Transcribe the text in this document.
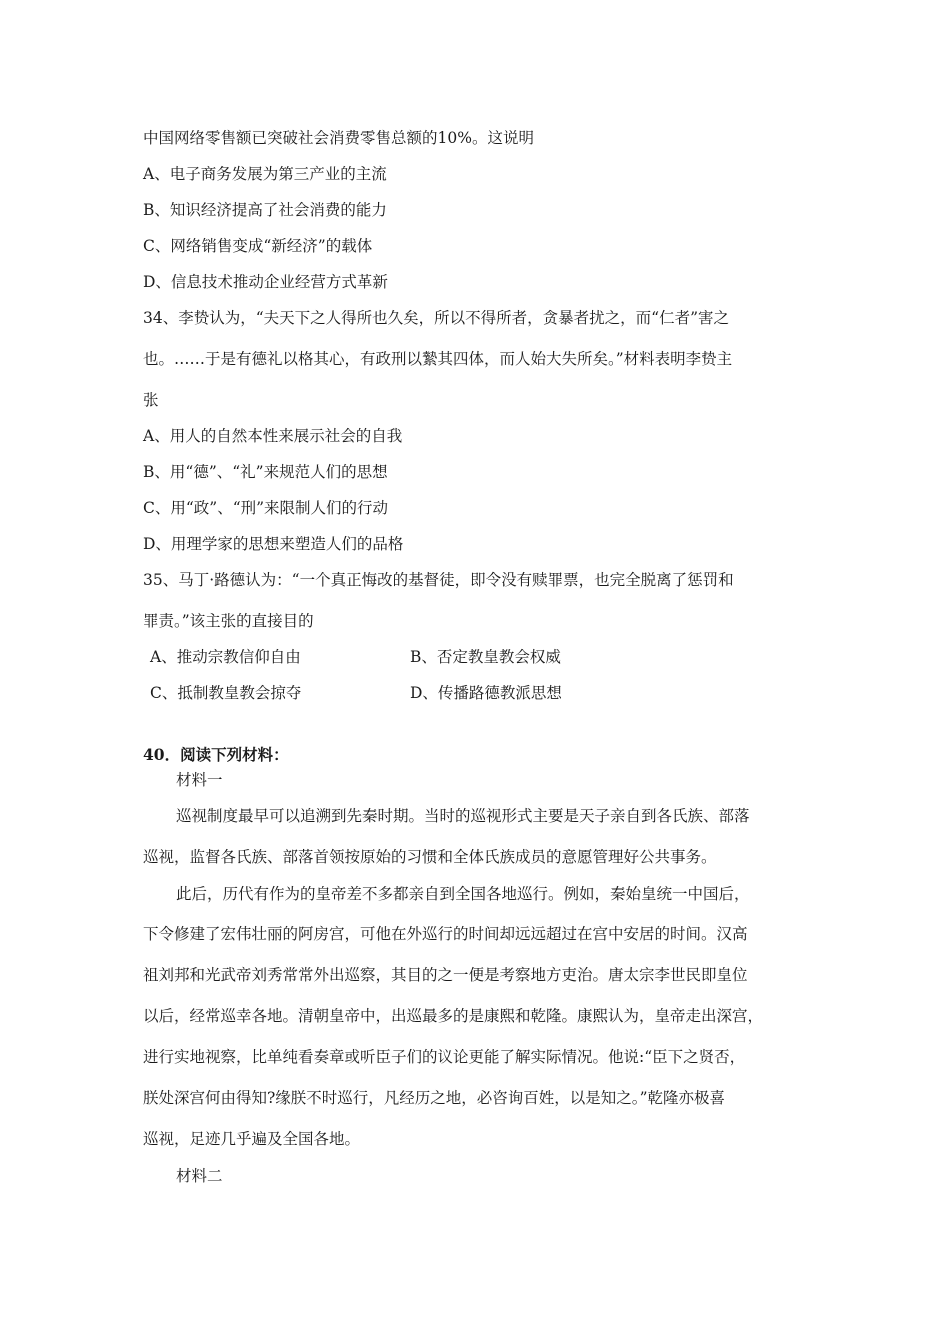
中国网络零售额已突破社会消费零售总额的10%。这说明
A、电子商务发展为第三产业的主流
B、知识经济提高了社会消费的能力
C、网络销售变成“新经济”的载体
D、信息技术推动企业经营方式革新
34、李贽认为，“夫天下之人得所也久矣，所以不得所者，贪暴者扰之，而“仁者”害之
也。……于是有德礼以格其心，有政刑以縶其四体，而人始大失所矣。”材料表明李贽主
张
A、用人的自然本性来展示社会的自我
B、用“德”、“礼”来规范人们的思想
C、用“政”、“刑”来限制人们的行动
D、用理学家的思想来塑造人们的品格
35、马丁·路德认为：“一个真正悔改的基督徒，即令没有赎罪票，也完全脱离了惩罚和
罪责。”该主张的直接目的
A、推动宗教信仰自由	B、否定教皇教会权威
C、抵制教皇教会掠夺	D、传播路德教派思想
40．阅读下列材料：
材料一
巡视制度最早可以追溯到先秦时期。当时的巡视形式主要是天子亲自到各氏族、部落
巡视，监督各氏族、部落首领按原始的习惯和全体氏族成员的意愿管理好公共事务。
此后，历代有作为的皇帝差不多都亲自到全国各地巡行。例如，秦始皇统一中国后，
下令修建了宏伟壮丽的阿房宫，可他在外巡行的时间却远远超过在宫中安居的时间。汉高
祖刘邦和光武帝刘秀常常外出巡察，其目的之一便是考察地方吏治。唐太宗李世民即皇位
以后，经常巡幸各地。清朝皇帝中，出巡最多的是康熙和乾隆。康熙认为，皇帝走出深宫，
进行实地视察，比单纯看奏章或听臣子们的议论更能了解实际情况。他说:“臣下之贤否，
朕处深宫何由得知?缘朕不时巡行，凡经历之地，必咨询百姓，以是知之。”乾隆亦极喜
巡视，足迹几乎遍及全国各地。
材料二
